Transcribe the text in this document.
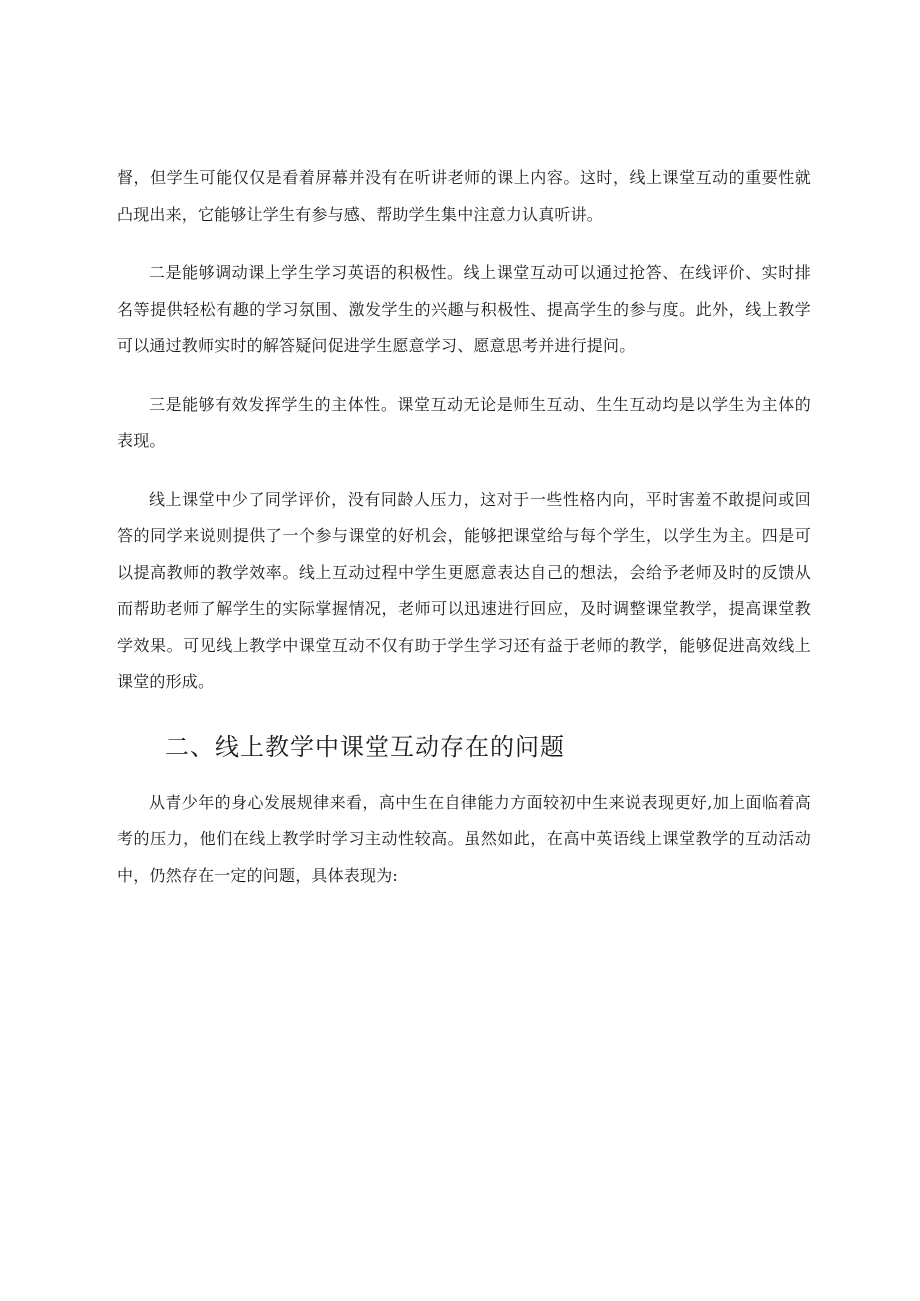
督，但学生可能仅仅是看着屏幕并没有在听讲老师的课上内容。这时，线上课堂互动的重要性就凸现出来，它能够让学生有参与感、帮助学生集中注意力认真听讲。

二是能够调动课上学生学习英语的积极性。线上课堂互动可以通过抢答、在线评价、实时排名等提供轻松有趣的学习氛围、激发学生的兴趣与积极性、提高学生的参与度。此外，线上教学可以通过教师实时的解答疑问促进学生愿意学习、愿意思考并进行提问。

三是能够有效发挥学生的主体性。课堂互动无论是师生互动、生生互动均是以学生为主体的表现。

线上课堂中少了同学评价，没有同龄人压力，这对于一些性格内向，平时害羞不敢提问或回答的同学来说则提供了一个参与课堂的好机会，能够把课堂给与每个学生，以学生为主。四是可以提高教师的教学效率。线上互动过程中学生更愿意表达自己的想法，会给予老师及时的反馈从而帮助老师了解学生的实际掌握情况，老师可以迅速进行回应，及时调整课堂教学，提高课堂教学效果。可见线上教学中课堂互动不仅有助于学生学习还有益于老师的教学，能够促进高效线上课堂的形成。

二、线上教学中课堂互动存在的问题

从青少年的身心发展规律来看，高中生在自律能力方面较初中生来说表现更好,加上面临着高考的压力，他们在线上教学时学习主动性较高。虽然如此，在高中英语线上课堂教学的互动活动中，仍然存在一定的问题，具体表现为:
